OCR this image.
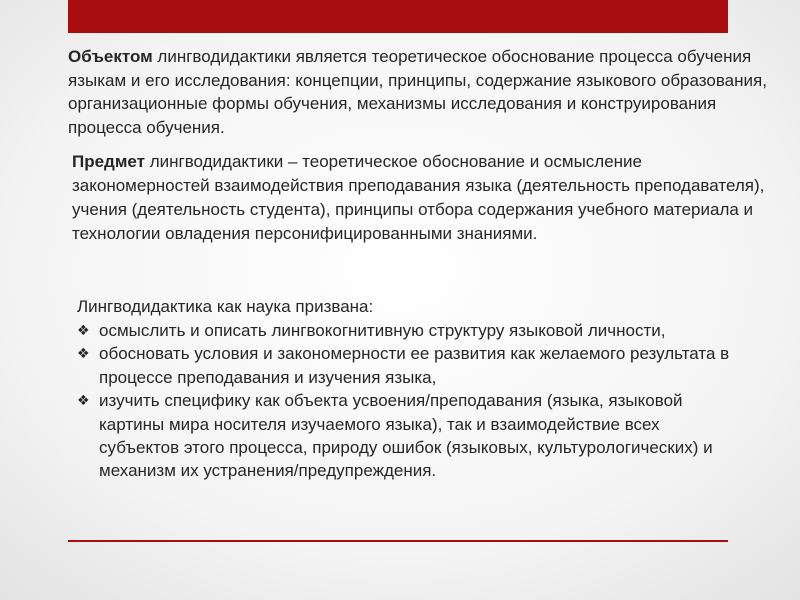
Объектом лингводидактики является теоретическое обоснование процесса обучения языкам и его исследования: концепции, принципы, содержание языкового образования, организационные формы обучения, механизмы исследования и конструирования процесса обучения.

Предмет лингводидактики – теоретическое обоснование и осмысление закономерностей взаимодействия преподавания языка (деятельность преподавателя), учения (деятельность студента), принципы отбора содержания учебного материала и технологии овладения персонифицированными знаниями.

Лингводидактика как наука призвана:

❖ осмыслить и описать лингвокогнитивную структуру языковой личности,
❖ обосновать условия и закономерности ее развития как желаемого результата в процессе преподавания и изучения языка,
❖ изучить специфику как объекта усвоения/преподавания (языка, языковой картины мира носителя изучаемого языка), так и взаимодействие всех субъектов этого процесса, природу ошибок (языковых, культурологических) и механизм их устранения/предупреждения.
